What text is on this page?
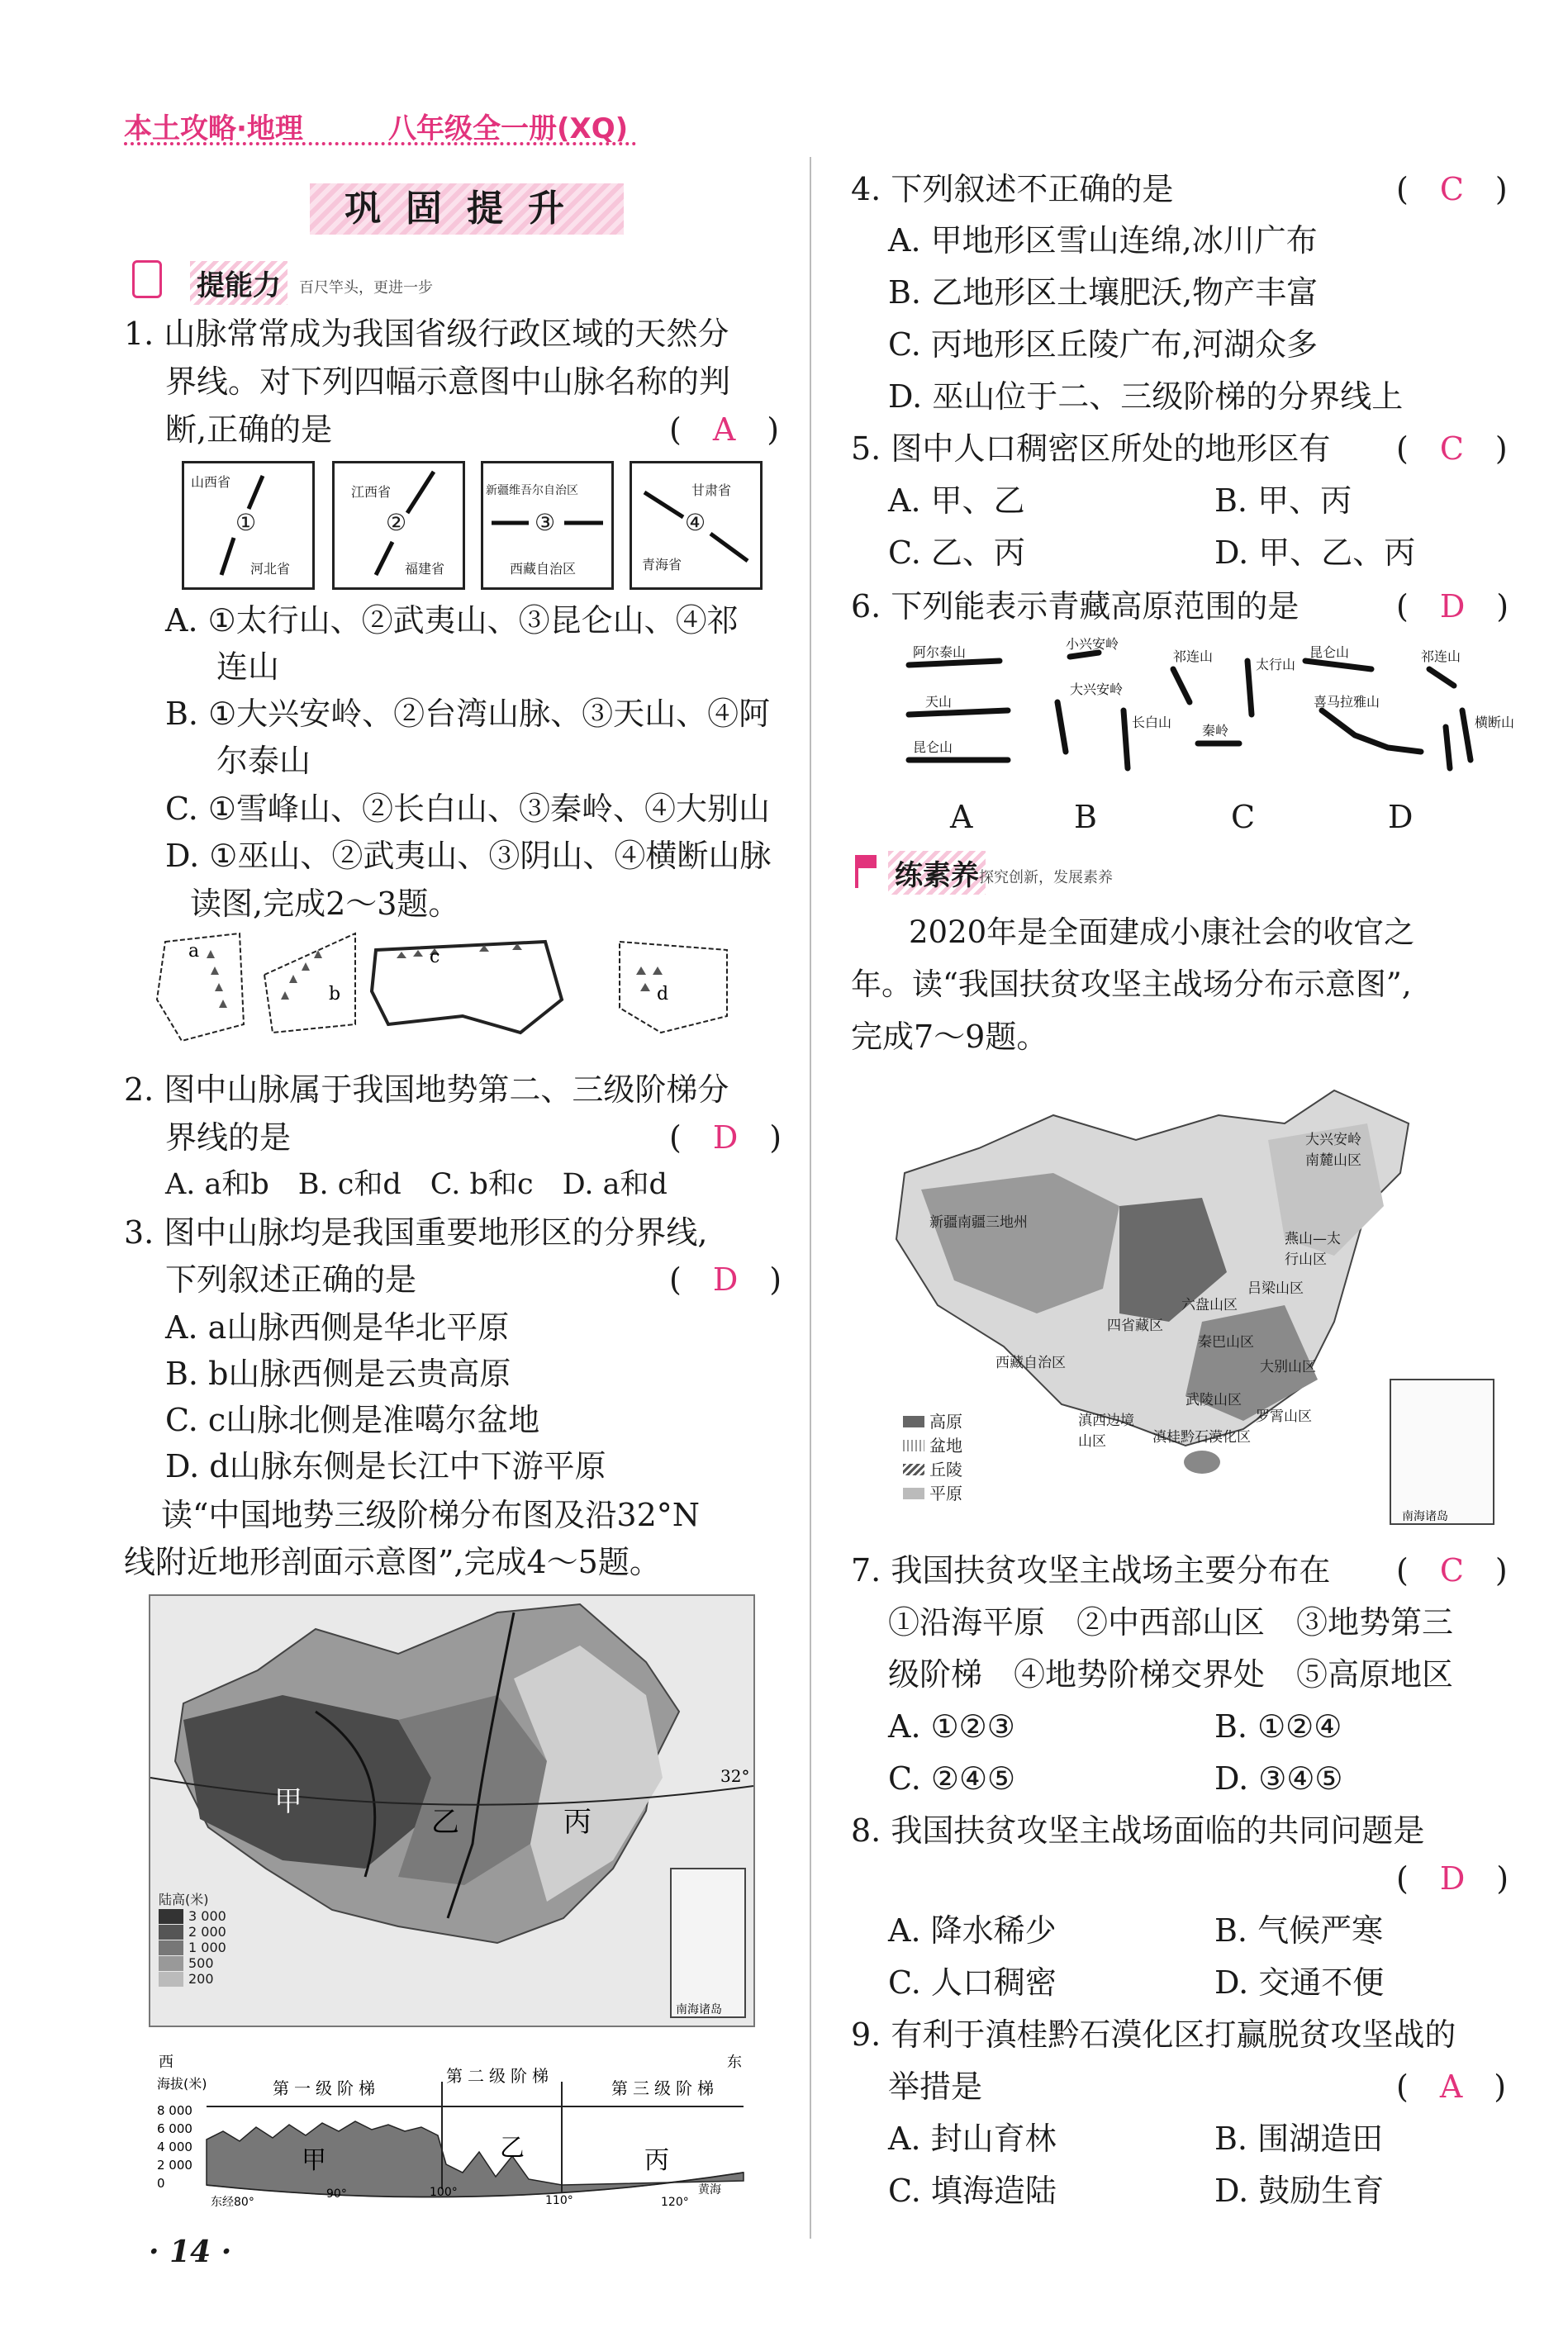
本土攻略·地理	八年级全一册(XQ)
巩固提升
提能力	百尺竿头，更进一步
1. 山脉常常成为我国省级行政区域的天然分
界线。对下列四幅示意图中山脉名称的判
断,正确的是	(　A　)
山西省
①
河北省
江西省
②
福建省
新疆维吾尔自治区
③
西藏自治区
甘肃省
④
青海省
A. ①太行山、②武夷山、③昆仑山、④祁
连山
B. ①大兴安岭、②台湾山脉、③天山、④阿
尔泰山
C. ①雪峰山、②长白山、③秦岭、④大别山
D. ①巫山、②武夷山、③阴山、④横断山脉
读图,完成2～3题。
a
b
c
d
2. 图中山脉属于我国地势第二、三级阶梯分
界线的是	(　D　)
A. a和b　B. c和d　C. b和c　D. a和d
3. 图中山脉均是我国重要地形区的分界线,
下列叙述正确的是	(　D　)
A. a山脉西侧是华北平原
B. b山脉西侧是云贵高原
C. c山脉北侧是准噶尔盆地
D. d山脉东侧是长江中下游平原
读“中国地势三级阶梯分布图及沿32°N
线附近地形剖面示意图”,完成4～5题。
32°
甲
乙	丙
南海诸岛
陆高(米)
3 000
2 000
1 000
500
200
西	东
海拔(米)
8 000
6 000
4 000
2 000
0
第一级阶梯
第二级阶梯
第三级阶梯
甲	乙	丙
东经80°
90°	100°
110°	120°
黄海
· 14 ·
4. 下列叙述不正确的是	(　C　)
A. 甲地形区雪山连绵,冰川广布
B. 乙地形区土壤肥沃,物产丰富
C. 丙地形区丘陵广布,河湖众多
D. 巫山位于二、三级阶梯的分界线上
5. 图中人口稠密区所处的地形区有 (　C　)
A. 甲、乙	B. 甲、丙
C. 乙、丙	D. 甲、乙、丙
6. 下列能表示青藏高原范围的是	(　D　)
阿尔泰山
天山
昆仑山
小兴安岭
大兴安岭
长白山
祁连山
太行山
秦岭
昆仑山	祁连山
喜马拉雅山
横断山
A	B	C	D
练素养 探究创新，发展素养
2020年是全面建成小康社会的收官之
年。读“我国扶贫攻坚主战场分布示意图”,
完成7～9题。
南海诸岛
大兴安岭南麓山区
新疆南疆三地州
燕山—太行山区
吕梁山区
六盘山区
四省藏区
秦巴山区
西藏自治区	大别山区
武陵山区
罗霄山区
滇西边境山区	滇桂黔石漠化区
高原
盆地
丘陵
平原
7. 我国扶贫攻坚主战场主要分布在 (　C　)
①沿海平原　②中西部山区　③地势第三
级阶梯　④地势阶梯交界处　⑤高原地区
A. ①②③	B. ①②④
C. ②④⑤	D. ③④⑤
8. 我国扶贫攻坚主战场面临的共同问题是
(　D　)
A. 降水稀少	B. 气候严寒
C. 人口稠密	D. 交通不便
9. 有利于滇桂黔石漠化区打赢脱贫攻坚战的
举措是	(　A　)
A. 封山育林	B. 围湖造田
C. 填海造陆	D. 鼓励生育
